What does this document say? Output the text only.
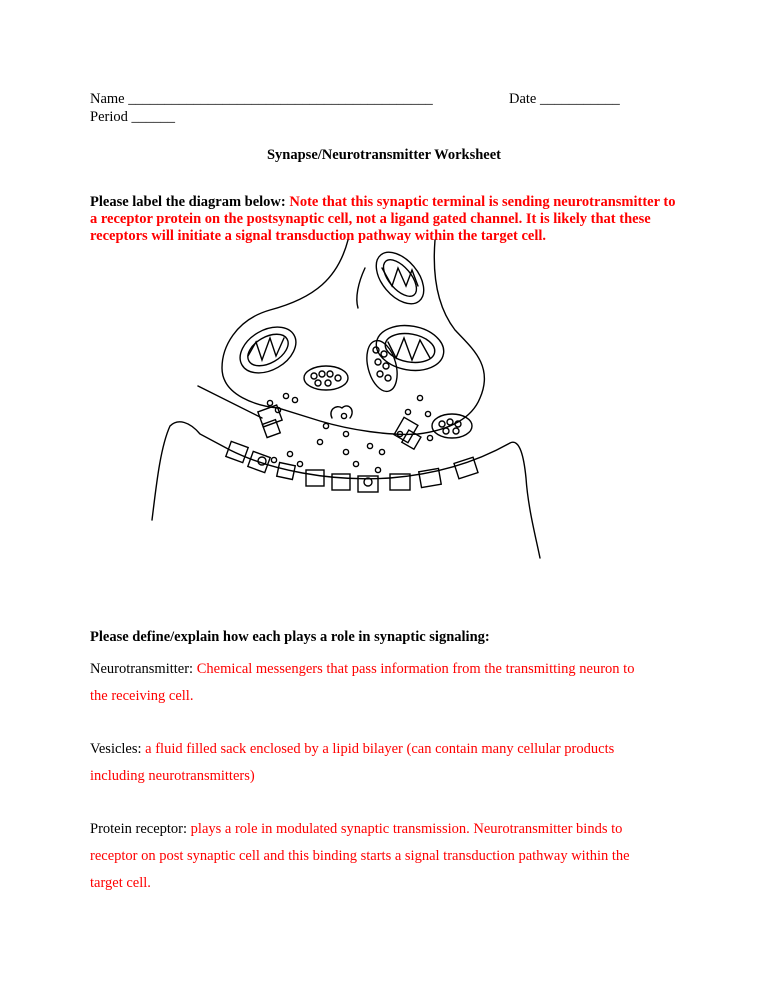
Name __________________________________________	Date ___________
Period ______
Synapse/Neurotransmitter Worksheet
Please label the diagram below: Note that this synaptic terminal is sending neurotransmitter to a receptor protein on the postsynaptic cell, not a ligand gated channel. It is likely that these receptors will initiate a signal transduction pathway within the target cell.
Please define/explain how each plays a role in synaptic signaling:
Neurotransmitter: Chemical messengers that pass information from the transmitting neuron to
the receiving cell.
Vesicles: a fluid filled sack enclosed by a lipid bilayer (can contain many cellular products
including neurotransmitters)
Protein receptor: plays a role in modulated synaptic transmission. Neurotransmitter binds to
receptor on post synaptic cell and this binding starts a signal transduction pathway within the
target cell.
